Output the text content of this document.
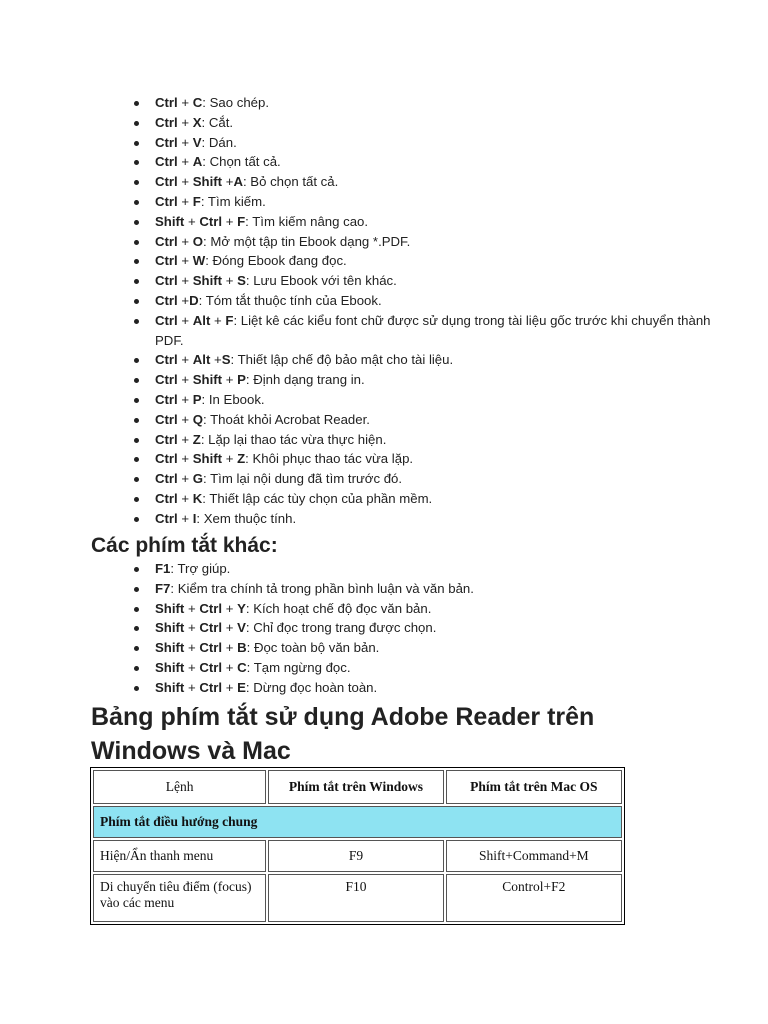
Ctrl + C: Sao chép.
Ctrl + X: Cắt.
Ctrl + V: Dán.
Ctrl + A: Chọn tất cả.
Ctrl + Shift +A: Bỏ chọn tất cả.
Ctrl + F: Tìm kiếm.
Shift + Ctrl + F: Tìm kiếm nâng cao.
Ctrl + O: Mở một tập tin Ebook dạng *.PDF.
Ctrl + W: Đóng Ebook đang đọc.
Ctrl + Shift + S: Lưu Ebook với tên khác.
Ctrl +D: Tóm tắt thuộc tính của Ebook.
Ctrl + Alt + F: Liệt kê các kiểu font chữ được sử dụng trong tài liệu gốc trước khi chuyển thành PDF.
Ctrl + Alt +S: Thiết lập chế độ bảo mật cho tài liệu.
Ctrl + Shift + P: Định dạng trang in.
Ctrl + P: In Ebook.
Ctrl + Q: Thoát khỏi Acrobat Reader.
Ctrl + Z: Lặp lại thao tác vừa thực hiện.
Ctrl + Shift + Z: Khôi phục thao tác vừa lặp.
Ctrl + G: Tìm lại nội dung đã tìm trước đó.
Ctrl + K: Thiết lập các tùy chọn của phần mềm.
Ctrl + I: Xem thuộc tính.
Các phím tắt khác:
F1: Trợ giúp.
F7: Kiểm tra chính tả trong phần bình luận và văn bản.
Shift + Ctrl + Y: Kích hoạt chế độ đọc văn bản.
Shift + Ctrl + V: Chỉ đọc trong trang được chọn.
Shift + Ctrl + B: Đọc toàn bộ văn bản.
Shift + Ctrl + C: Tạm ngừng đọc.
Shift + Ctrl + E: Dừng đọc hoàn toàn.
Bảng phím tắt sử dụng Adobe Reader trên Windows và Mac
Lệnh	Phím tắt trên Windows	Phím tắt trên Mac OS
Phím tắt điều hướng chung		
Hiện/Ẩn thanh menu	F9	Shift+Command+M
Di chuyển tiêu điểm (focus) vào các menu	F10	Control+F2
